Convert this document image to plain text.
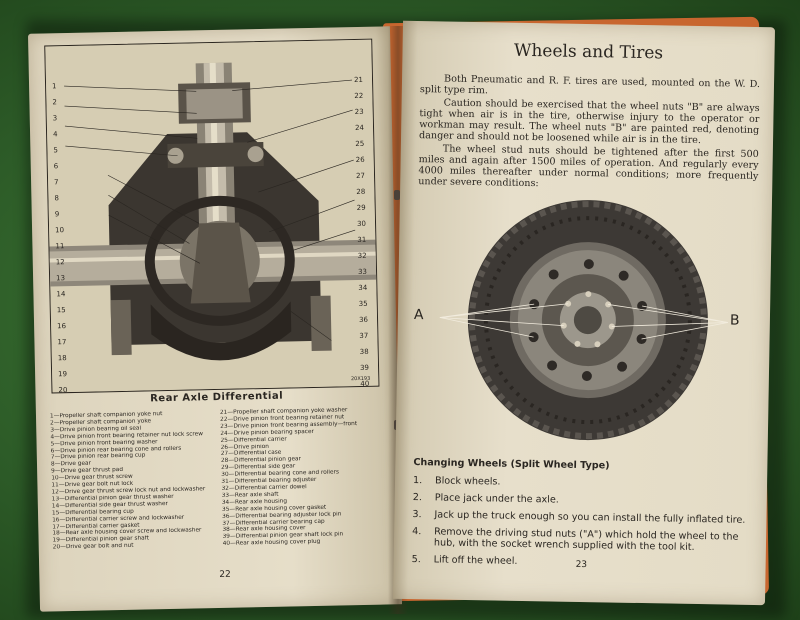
1
2
3
4
5
6
7
8
9
10
11
12
13
14
15
16
17
18
19
20
21
22
23
24
25
26
27
28
29
30
31
32
33
34
35
36
37
38
39
40
20X193
Rear Axle Differential
1—Propeller shaft companion yoke nut
2—Propeller shaft companion yoke
3—Drive pinion bearing oil seal
4—Drive pinion front bearing retainer nut lock screw
5—Drive pinion front bearing washer
6—Drive pinion rear bearing cone and rollers
7—Drive pinion rear bearing cup
8—Drive gear
9—Drive gear thrust pad
10—Drive gear thrust screw
11—Drive gear bolt nut lock
12—Drive gear thrust screw lock nut and lockwasher
13—Differential pinion gear thrust washer
14—Differential side gear thrust washer
15—Differential bearing cup
16—Differential carrier screw and lockwasher
17—Differential carrier gasket
18—Rear axle housing cover screw and lockwasher
19—Differential pinion gear shaft
20—Drive gear bolt and nut
21—Propeller shaft companion yoke washer
22—Drive pinion front bearing retainer nut
23—Drive pinion front bearing assembly—front
24—Drive pinion bearing spacer
25—Differential carrier
26—Drive pinion
27—Differential case
28—Differential pinion gear
29—Differential side gear
30—Differential bearing cone and rollers
31—Differential bearing adjuster
32—Differential carrier dowel
33—Rear axle shaft
34—Rear axle housing
35—Rear axle housing cover gasket
36—Differential bearing adjuster lock pin
37—Differential carrier bearing cap
38—Rear axle housing cover
39—Differential pinion gear shaft lock pin
40—Rear axle housing cover plug
22
Wheels and Tires
Both Pneumatic and R. F. tires are used, mounted on the W. D. split type rim.
Caution should be exercised that the wheel nuts "B" are always tight when air is in the tire, otherwise injury to the operator or workman may result. The wheel nuts "B" are painted red, denoting danger and should not be loosened while air is in the tire.
The wheel stud nuts should be tightened after the first 500 miles and again after 1500 miles of operation. And regularly every 4000 miles thereafter under normal conditions; more frequently under severe conditions:
A	B
Changing Wheels (Split Wheel Type)
1. Block wheels.
2. Place jack under the axle.
3. Jack up the truck enough so you can install the fully inflated tire.
4. Remove the driving stud nuts ("A") which hold the wheel to the hub, with the socket wrench supplied with the tool kit.
5. Lift off the wheel.	23
